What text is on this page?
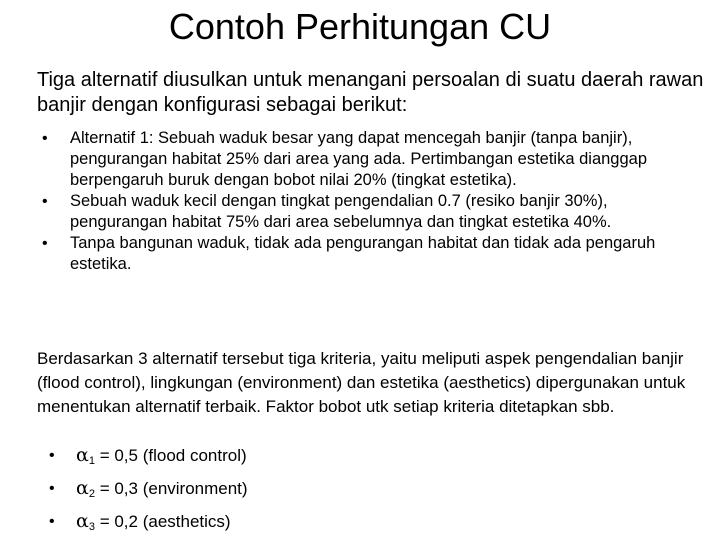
Contoh Perhitungan CU

Tiga alternatif diusulkan untuk menangani persoalan di suatu daerah rawan banjir dengan konfigurasi sebagai berikut:

• Alternatif 1: Sebuah waduk besar yang dapat mencegah banjir (tanpa banjir), pengurangan habitat 25% dari area yang ada. Pertimbangan estetika dianggap berpengaruh buruk dengan bobot nilai 20% (tingkat estetika).
• Sebuah waduk kecil dengan tingkat pengendalian 0.7 (resiko banjir 30%), pengurangan habitat 75% dari area sebelumnya dan tingkat estetika 40%.
• Tanpa bangunan waduk, tidak ada pengurangan habitat dan tidak ada pengaruh estetika.

Berdasarkan 3 alternatif tersebut tiga kriteria, yaitu meliputi aspek pengendalian banjir (flood control), lingkungan (environment) dan estetika (aesthetics) dipergunakan untuk menentukan alternatif terbaik. Faktor bobot utk setiap kriteria ditetapkan sbb.

• $\alpha_1 = 0,5$ (flood control)
• $\alpha_2 = 0,3$ (environment)
• $\alpha_3 = 0,2$ (aesthetics)
